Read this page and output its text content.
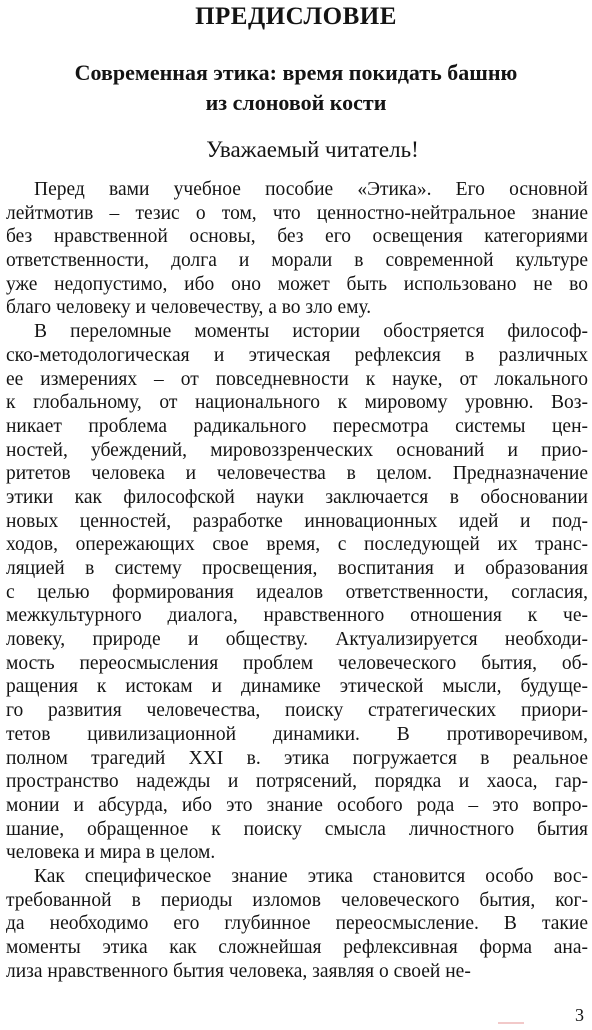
ПРЕДИСЛОВИЕ
Современная этика: время покидать башню
из слоновой кости
Уважаемый читатель!
Перед вами учебное пособие «Этика». Его основной
лейтмотив – тезис о том, что ценностно-нейтральное знание
без нравственной основы, без его освещения категориями
ответственности, долга и морали в современной культуре
уже недопустимо, ибо оно может быть использовано не во
благо человеку и человечеству, а во зло ему.
В переломные моменты истории обостряется философ-
ско-методологическая и этическая рефлексия в различных
ее измерениях – от повседневности к науке, от локального
к глобальному, от национального к мировому уровню. Воз-
никает проблема радикального пересмотра системы цен-
ностей, убеждений, мировоззренческих оснований и прио-
ритетов человека и человечества в целом. Предназначение
этики как философской науки заключается в обосновании
новых ценностей, разработке инновационных идей и под-
ходов, опережающих свое время, с последующей их транс-
ляцией в систему просвещения, воспитания и образования
с целью формирования идеалов ответственности, согласия,
межкультурного диалога, нравственного отношения к че-
ловеку, природе и обществу. Актуализируется необходи-
мость переосмысления проблем человеческого бытия, об-
ращения к истокам и динамике этической мысли, будуще-
го развития человечества, поиску стратегических приори-
тетов цивилизационной динамики. В противоречивом,
полном трагедий XXI в. этика погружается в реальное
пространство надежды и потрясений, порядка и хаоса, гар-
монии и абсурда, ибо это знание особого рода – это вопро-
шание, обращенное к поиску смысла личностного бытия
человека и мира в целом.
Как специфическое знание этика становится особо вос-
требованной в периоды изломов человеческого бытия, ког-
да необходимо его глубинное переосмысление. В такие
моменты этика как сложнейшая рефлексивная форма ана-
лиза нравственного бытия человека, заявляя о своей не-
3
